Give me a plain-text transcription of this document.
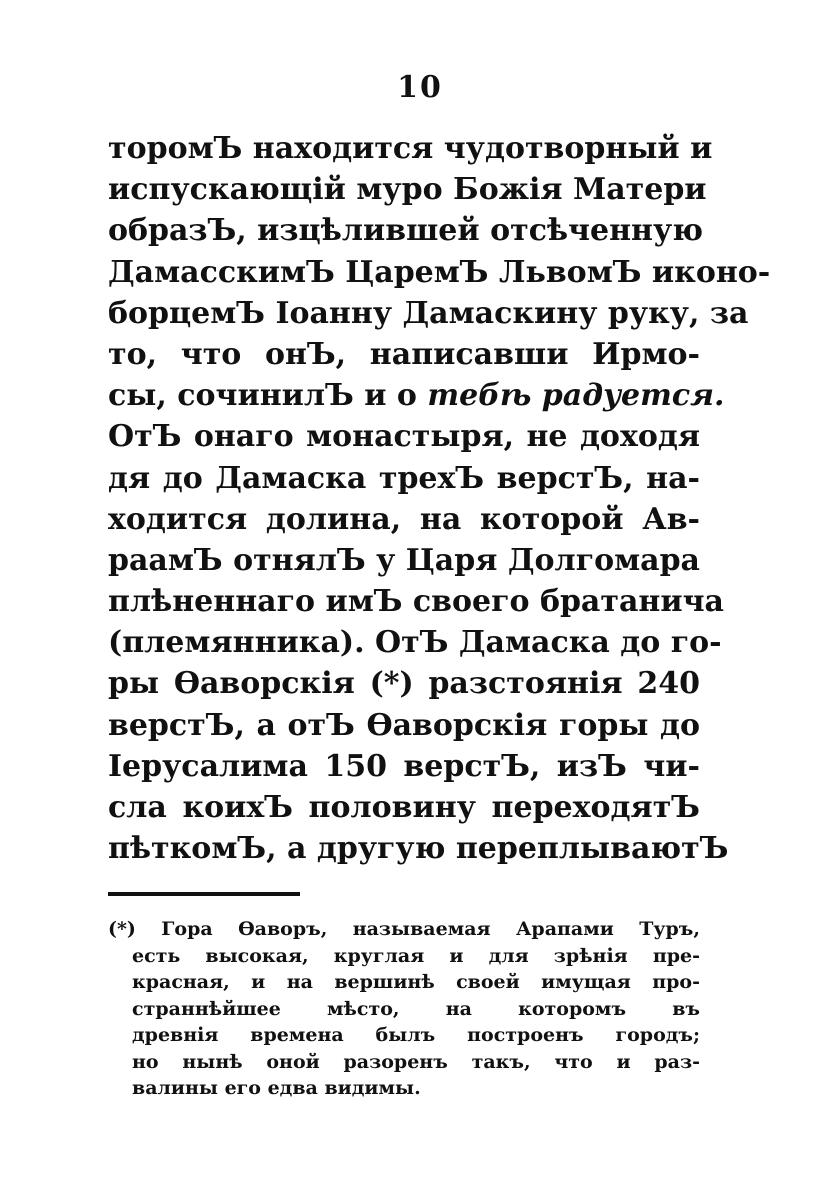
10
торомЪ находится чудотворный и
испускающій муро Божія Матери
образЪ, изцѣлившей отсѣченную
ДамасскимЪ ЦаремЪ ЛьвомЪ иконо-
борцемЪ Іоанну Дамаскину руку, за
то, что онЪ, написавши Ирмо-
сы, сочинилЪ и о тебѣ радуется.
ОтЪ онаго монастыря, не доходя
дя до Дамаска трехЪ верстЪ, на-
ходится долина, на которой Ав-
раамЪ отнялЪ у Царя Долгомара
плѣненнаго имЪ своего братанича
(племянника). ОтЪ Дамаска до го-
ры Ѳаворскія (*) разстоянія 240
верстЪ, а отЪ Ѳаворскія горы до
Іерусалима 150 верстЪ, изЪ чи-
сла коихЪ половину переходятЪ
пѣткомЪ, а другую переплываютЪ
(*) Гора Ѳаворъ, называемая Арапами Туръ,
есть высокая, круглая и для зрѣнія пре-
красная, и на вершинѣ своей имущая про-
страннѣйшее мѣсто, на которомъ въ
древнія времена былъ построенъ городъ;
но нынѣ оной разоренъ такъ, что и раз-
валины его едва видимы.
